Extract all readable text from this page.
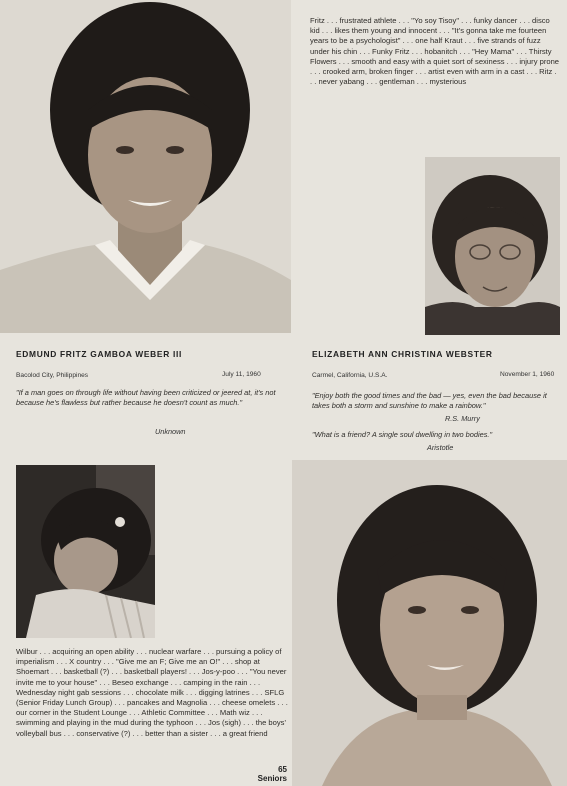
Fritz . . . frustrated athlete . . . "Yo soy Tisoy" . . . funky dancer . . . disco kid . . . likes them young and innocent . . . "It's gonna take me fourteen years to be a psychologist" . . . one half Kraut . . . five strands of fuzz under his chin . . . Funky Fritz . . . hobanitch . . . "Hey Mama" . . . Thirsty Flowers . . . smooth and easy with a quiet sort of sexiness . . . injury prone . . . crooked arm, broken finger . . . artist even with arm in a cast . . . Ritz . . . never yabang . . . gentleman . . . mysterious
EDMUND FRITZ GAMBOA WEBER III
Bacolod City, Philippines	July 11, 1960
"If a man goes on through life without having been criticized or jeered at, it's not because he's flawless but rather because he doesn't count as much."
Unknown
ELIZABETH ANN CHRISTINA WEBSTER
Carmel, California, U.S.A.	November 1, 1960
"Enjoy both the good times and the bad — yes, even the bad because it takes both a storm and sunshine to make a rainbow."
R.S. Murry
"What is a friend? A single soul dwelling in two bodies."
Aristotle
Wilbur . . . acquiring an open ability . . . nuclear warfare . . . pursuing a policy of imperialism . . . X country . . . "Give me an F; Give me an O!" . . . shop at Shoemart . . . basketball (?) . . . basketball players! . . . Jos-y-poo . . . "You never invite me to your house" . . . Beseo exchange . . . camping in the rain . . . Wednesday night gab sessions . . . chocolate milk . . . digging latrines . . . SFLG (Senior Friday Lunch Group) . . . pancakes and Magnolia . . . cheese omelets . . . our corner in the Student Lounge . . . Athletic Committee . . . Math wiz . . . swimming and playing in the mud during the typhoon . . . Jos (sigh) . . . the boys' volleyball bus . . . conservative (?) . . . better than a sister . . . a great friend
65
Seniors
